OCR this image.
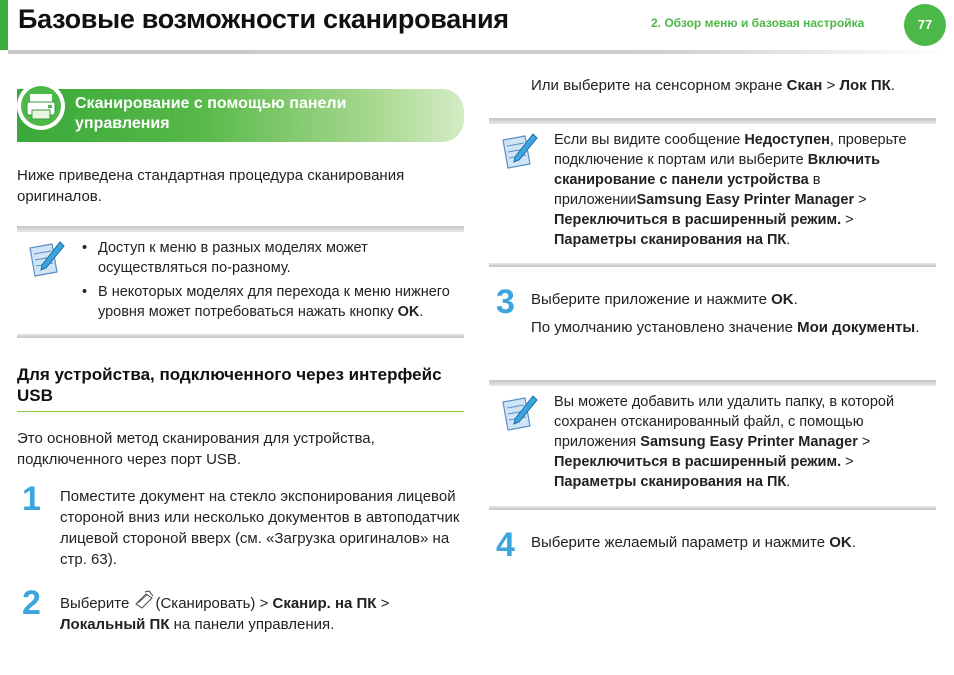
Базовые возможности сканирования	2. Обзор меню и базовая настройка	77
Сканирование с помощью панели управления
Ниже приведена стандартная процедура сканирования оригиналов.
• Доступ к меню в разных моделях может осуществляться по-разному.
• В некоторых моделях для перехода к меню нижнего уровня может потребоваться нажать кнопку OK.
Для устройства, подключенного через интерфейс USB
Это основной метод сканирования для устройства, подключенного через порт USB.
1 Поместите документ на стекло экспонирования лицевой стороной вниз или несколько документов в автоподатчик лицевой стороной вверх (см. «Загрузка оригиналов» на стр. 63).
2 Выберите (Сканировать) > Сканир. на ПК > Локальный ПК на панели управления.
Или выберите на сенсорном экране Скан > Лок ПК.
Если вы видите сообщение Недоступен, проверьте подключение к портам или выберите Включить сканирование с панели устройства в приложенииSamsung Easy Printer Manager > Переключиться в расширенный режим. > Параметры сканирования на ПК.
3 Выберите приложение и нажмите OK.
По умолчанию установлено значение Мои документы.
Вы можете добавить или удалить папку, в которой сохранен отсканированный файл, с помощью приложения Samsung Easy Printer Manager > Переключиться в расширенный режим. > Параметры сканирования на ПК.
4 Выберите желаемый параметр и нажмите OK.
